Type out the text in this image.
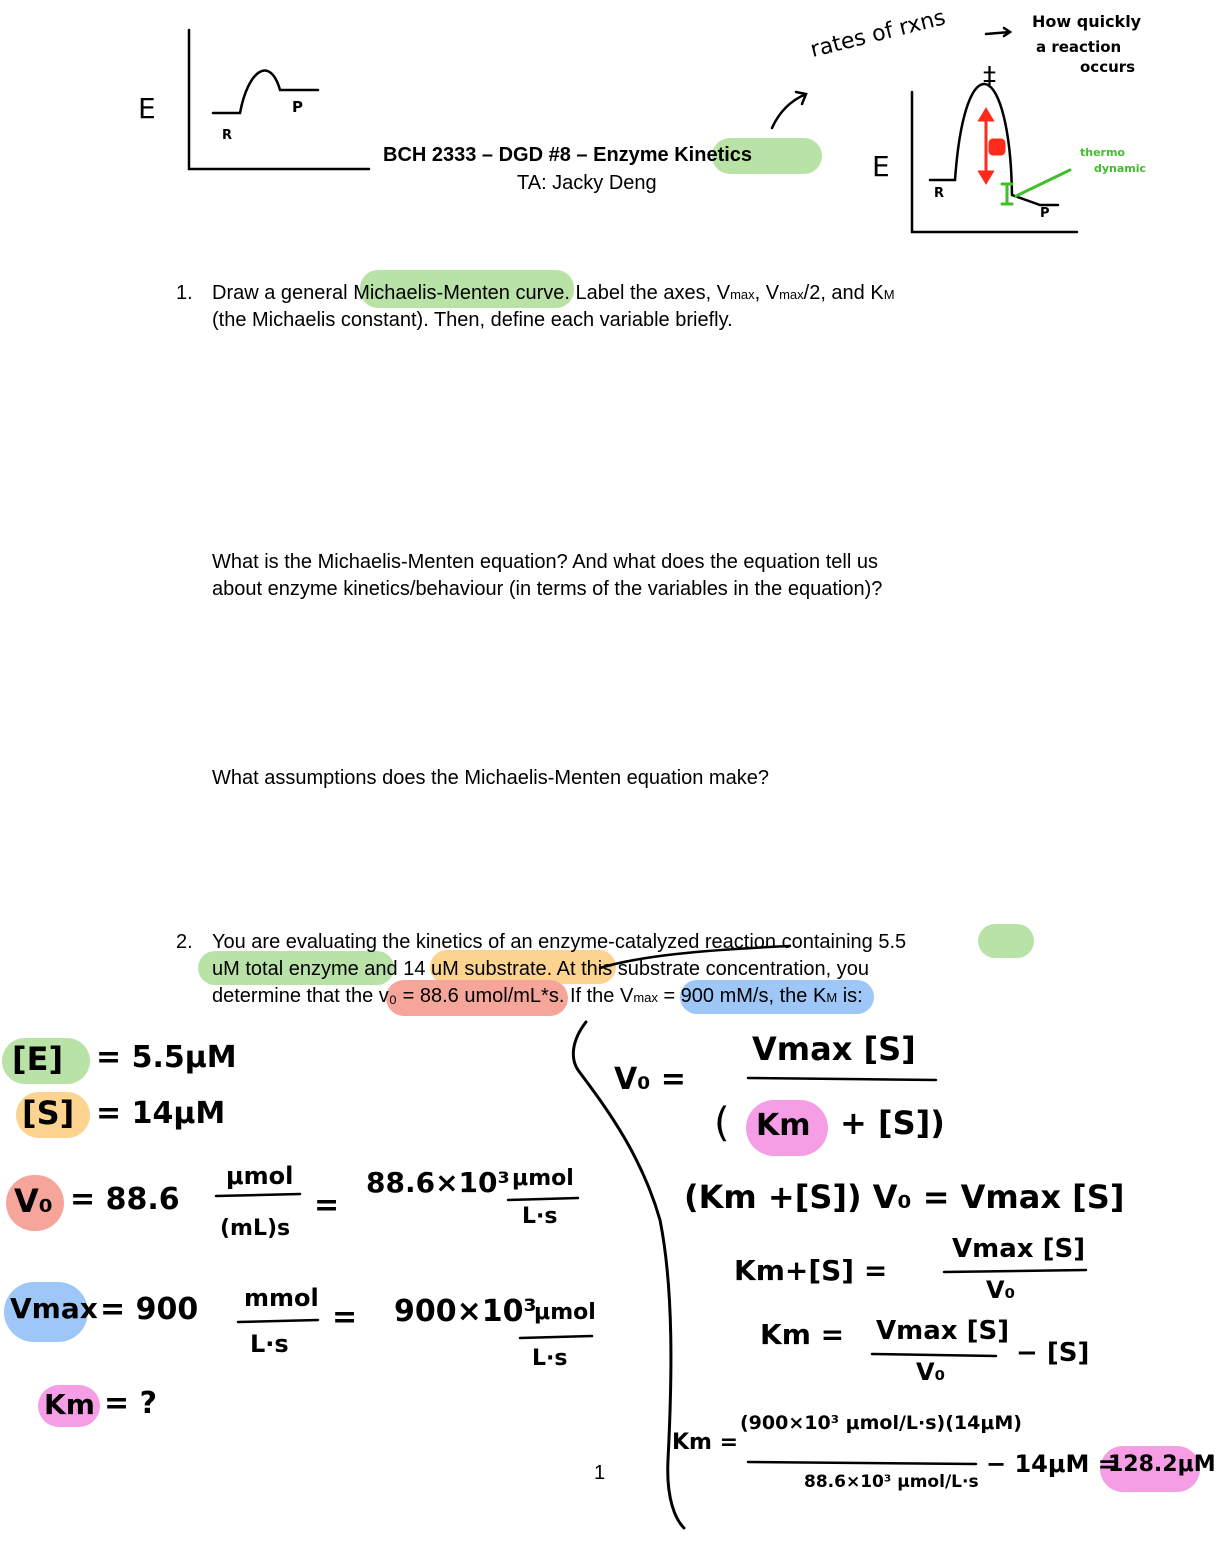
BCH 2333 – DGD #8 – Enzyme Kinetics
TA: Jacky Deng
E
R
P
E
R
P
‡
rates of rxns	How quickly
a reaction
occurs
thermo
dynamic
1. Draw a general Michaelis-Menten curve. Label the axes, Vmax, Vmax/2, and KM
(the Michaelis constant). Then, define each variable briefly.
What is the Michaelis-Menten equation? And what does the equation tell us
about enzyme kinetics/behaviour (in terms of the variables in the equation)?
What assumptions does the Michaelis-Menten equation make?
2. You are evaluating the kinetics of an enzyme-catalyzed reaction containing 5.5
uM total enzyme and 14 uM substrate. At this substrate concentration, you
determine that the v₀ = 88.6 umol/mL*s. If the Vmax = 900 mM/s, the KM is:
[E] = 5.5μM
[S] = 14μM
V₀ = 88.6
μmol
(mL)s
=
88.6×10³ μmol
L·s
Vmax = 900 mmol
L·s
= 900×10³
μmol
L·s
Km = ?
V₀ =
Vmax [S]
( Km + [S])
(Km +[S]) V₀ = Vmax [S]
Km+[S] =
Vmax [S]
V₀
Km = Vmax [S]
V₀
− [S]
Km =
(900×10³ μmol/L·s)(14μM)
88.6×10³ μmol/L·s
− 14μM =
128.2μM
1
